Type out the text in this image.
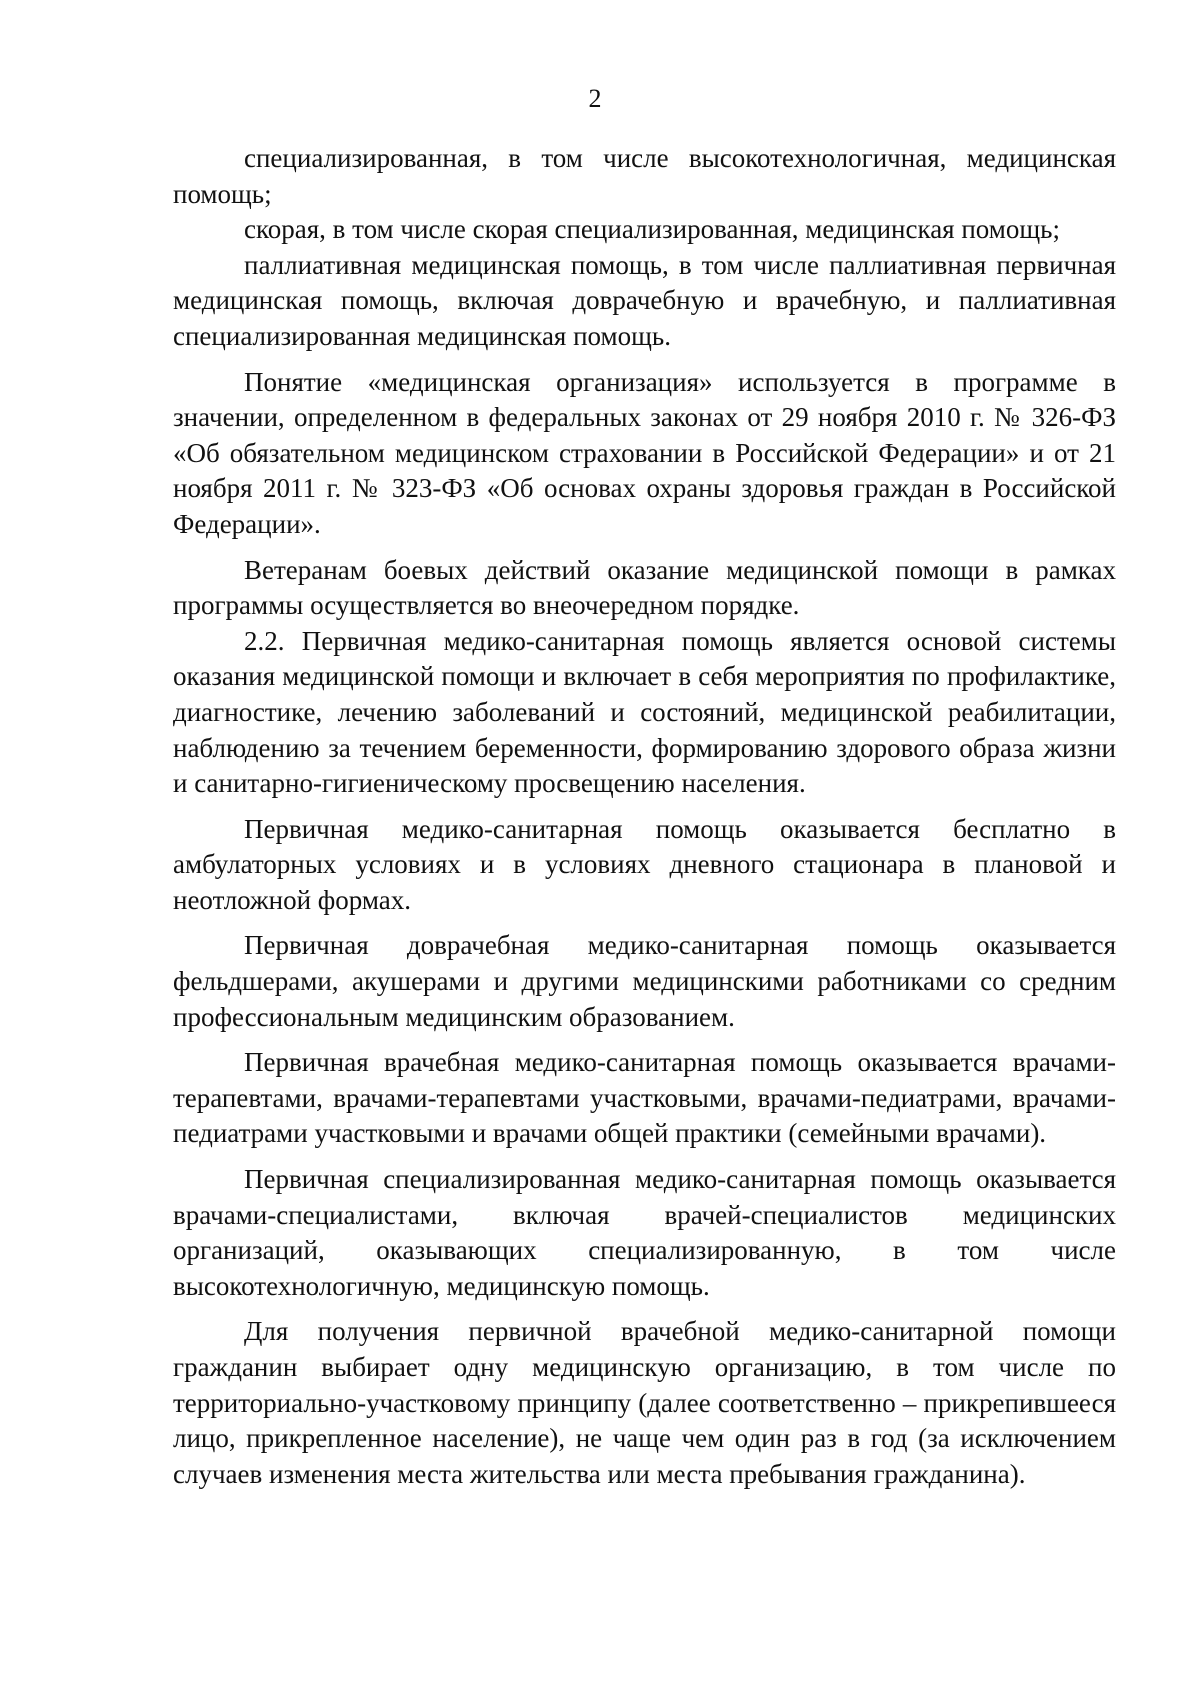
2

специализированная, в том числе высокотехнологичная, медицинская помощь;

скорая, в том числе скорая специализированная, медицинская помощь;

паллиативная медицинская помощь, в том числе паллиативная первичная медицинская помощь, включая доврачебную и врачебную, и паллиативная специализированная медицинская помощь.

Понятие «медицинская организация» используется в программе в значении, определенном в федеральных законах от 29 ноября 2010 г. № 326-ФЗ «Об обязательном медицинском страховании в Российской Федерации» и от 21 ноября 2011 г. № 323-ФЗ «Об основах охраны здоровья граждан в Российской Федерации».

Ветеранам боевых действий оказание медицинской помощи в рамках программы осуществляется во внеочередном порядке.

2.2. Первичная медико-санитарная помощь является основой системы оказания медицинской помощи и включает в себя мероприятия по профилактике, диагностике, лечению заболеваний и состояний, медицинской реабилитации, наблюдению за течением беременности, формированию здорового образа жизни и санитарно-гигиеническому просвещению населения.

Первичная медико-санитарная помощь оказывается бесплатно в амбулаторных условиях и в условиях дневного стационара в плановой и неотложной формах.

Первичная доврачебная медико-санитарная помощь оказывается фельдшерами, акушерами и другими медицинскими работниками со средним профессиональным медицинским образованием.

Первичная врачебная медико-санитарная помощь оказывается врачами-терапевтами, врачами-терапевтами участковыми, врачами-педиатрами, врачами-педиатрами участковыми и врачами общей практики (семейными врачами).

Первичная специализированная медико-санитарная помощь оказывается врачами-специалистами, включая врачей-специалистов медицинских организаций, оказывающих специализированную, в том числе высокотехнологичную, медицинскую помощь.

Для получения первичной врачебной медико-санитарной помощи гражданин выбирает одну медицинскую организацию, в том числе по территориально-участковому принципу (далее соответственно – прикрепившееся лицо, прикрепленное население), не чаще чем один раз в год (за исключением случаев изменения места жительства или места пребывания гражданина).
